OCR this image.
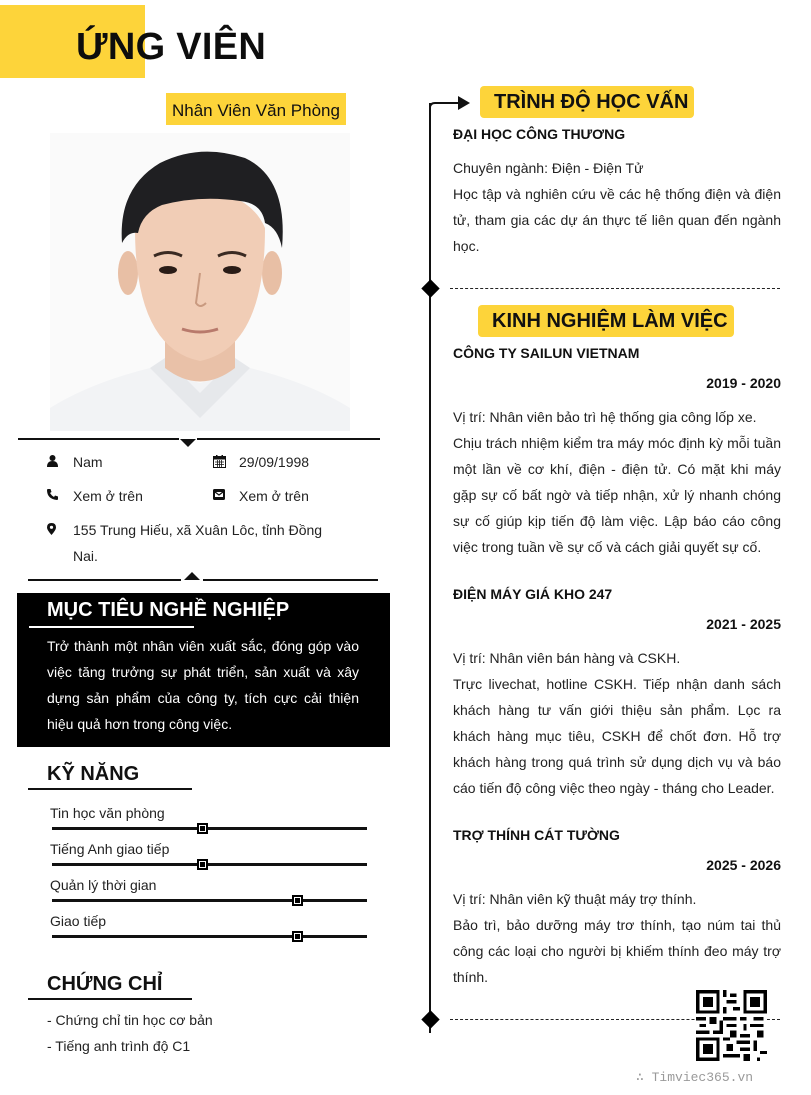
ỨNG VIÊN
Nhân Viên Văn Phòng
Nam	29/09/1998
Xem ở trên	Xem ở trên
155 Trung Hiếu, xã Xuân Lôc, tỉnh Đồng
Nai.
MỤC TIÊU NGHỀ NGHIỆP
Trở thành một nhân viên xuất sắc, đóng góp vào việc tăng trưởng sự phát triển, sản xuất và xây dựng sản phẩm của công ty, tích cực cải thiện hiệu quả hơn trong công việc.
KỸ NĂNG
Tin học văn phòng
Tiếng Anh giao tiếp
Quản lý thời gian
Giao tiếp
CHỨNG CHỈ
- Chứng chỉ tin học cơ bản
- Tiếng anh trình độ C1
TRÌNH ĐỘ HỌC VẤN
ĐẠI HỌC CÔNG THƯƠNG
Chuyên ngành: Điện - Điện Tử
Học tập và nghiên cứu về các hệ thống điện và điện tử, tham gia các dự án thực tế liên quan đến ngành học.
KINH NGHIỆM LÀM VIỆC
CÔNG TY SAILUN VIETNAM
2019 - 2020
Vị trí: Nhân viên bảo trì hệ thống gia công lốp xe.
Chịu trách nhiệm kiểm tra máy móc định kỳ mỗi tuần một lần về cơ khí, điện - điện tử. Có mặt khi máy gặp sự cố bất ngờ và tiếp nhận, xử lý nhanh chóng sự cố giúp kịp tiến độ làm việc. Lập báo cáo công việc trong tuần về sự cố và cách giải quyết sự cố.
ĐIỆN MÁY GIÁ KHO 247
2021 - 2025
Vị trí: Nhân viên bán hàng và CSKH.
Trực livechat, hotline CSKH. Tiếp nhận danh sách khách hàng tư vấn giới thiệu sản phẩm. Lọc ra khách hàng mục tiêu, CSKH để chốt đơn. Hỗ trợ khách hàng trong quá trình sử dụng dịch vụ và báo cáo tiến độ công việc theo ngày - tháng cho Leader.
TRỢ THÍNH CÁT TƯỜNG
2025 - 2026
Vị trí: Nhân viên kỹ thuật máy trợ thính.
Bảo trì, bảo dưỡng máy trơ thính, tạo núm tai thủ công các loại cho người bị khiếm thính đeo máy trợ thính.
∴ Timviec365.vn
